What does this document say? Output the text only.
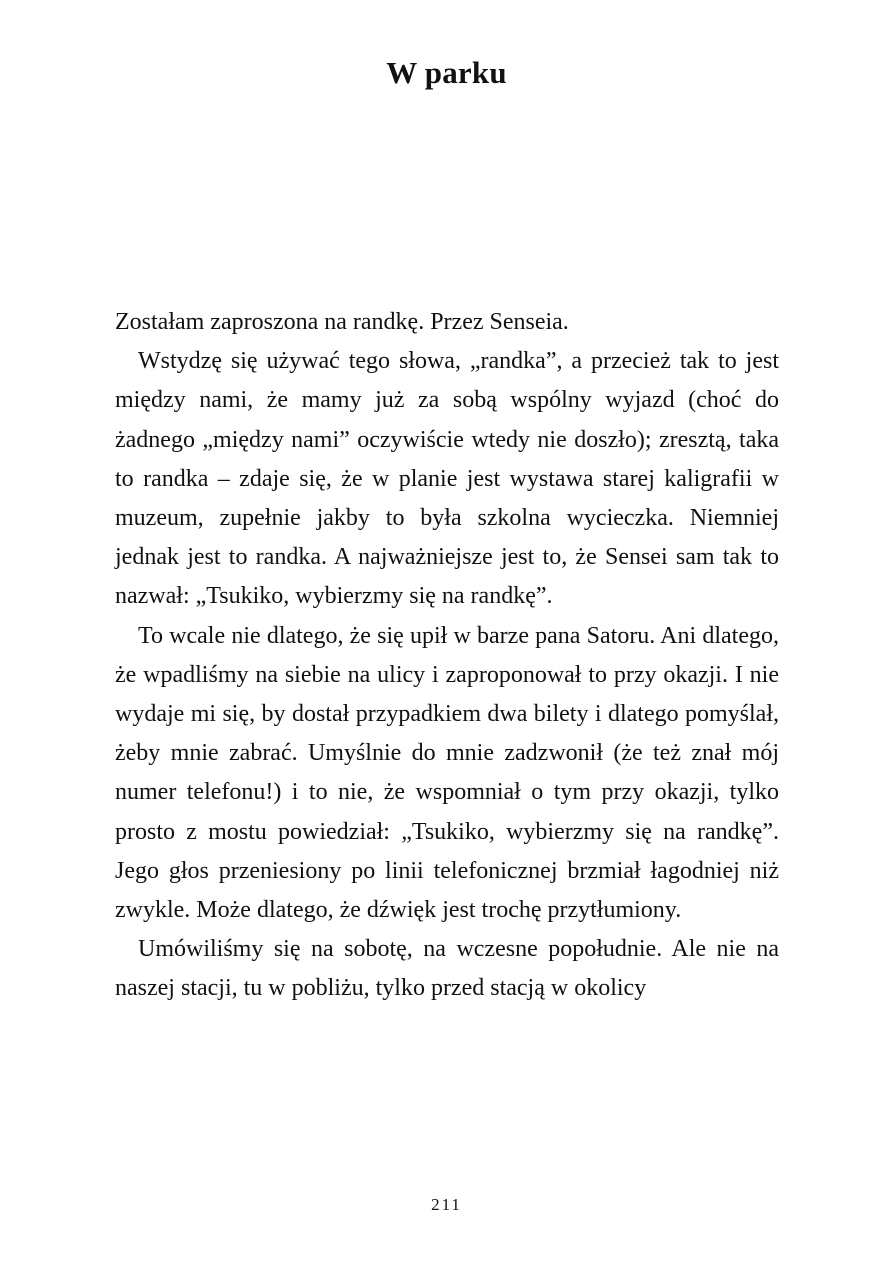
W parku

Zostałam zaproszona na randkę. Przez Senseia.

Wstydzę się używać tego słowa, „randka”, a przecież tak to jest między nami, że mamy już za sobą wspólny wyjazd (choć do żadnego „między nami” oczywiście wtedy nie doszło); zresztą, taka to randka – zdaje się, że w planie jest wystawa starej kaligrafii w muzeum, zupełnie jakby to była szkolna wycieczka. Niemniej jednak jest to randka. A najważniejsze jest to, że Sensei sam tak to nazwał: „Tsukiko, wybierzmy się na randkę”.

To wcale nie dlatego, że się upił w barze pana Satoru. Ani dlatego, że wpadliśmy na siebie na ulicy i zaproponował to przy okazji. I nie wydaje mi się, by dostał przypadkiem dwa bilety i dlatego pomyślał, żeby mnie zabrać. Umyślnie do mnie zadzwonił (że też znał mój numer telefonu!) i to nie, że wspomniał o tym przy okazji, tylko prosto z mostu powiedział: „Tsukiko, wybierzmy się na randkę”. Jego głos przeniesiony po linii telefonicznej brzmiał łagodniej niż zwykle. Może dlatego, że dźwięk jest trochę przytłumiony.

Umówiliśmy się na sobotę, na wczesne popołudnie. Ale nie na naszej stacji, tu w pobliżu, tylko przed stacją w okolicy

211
